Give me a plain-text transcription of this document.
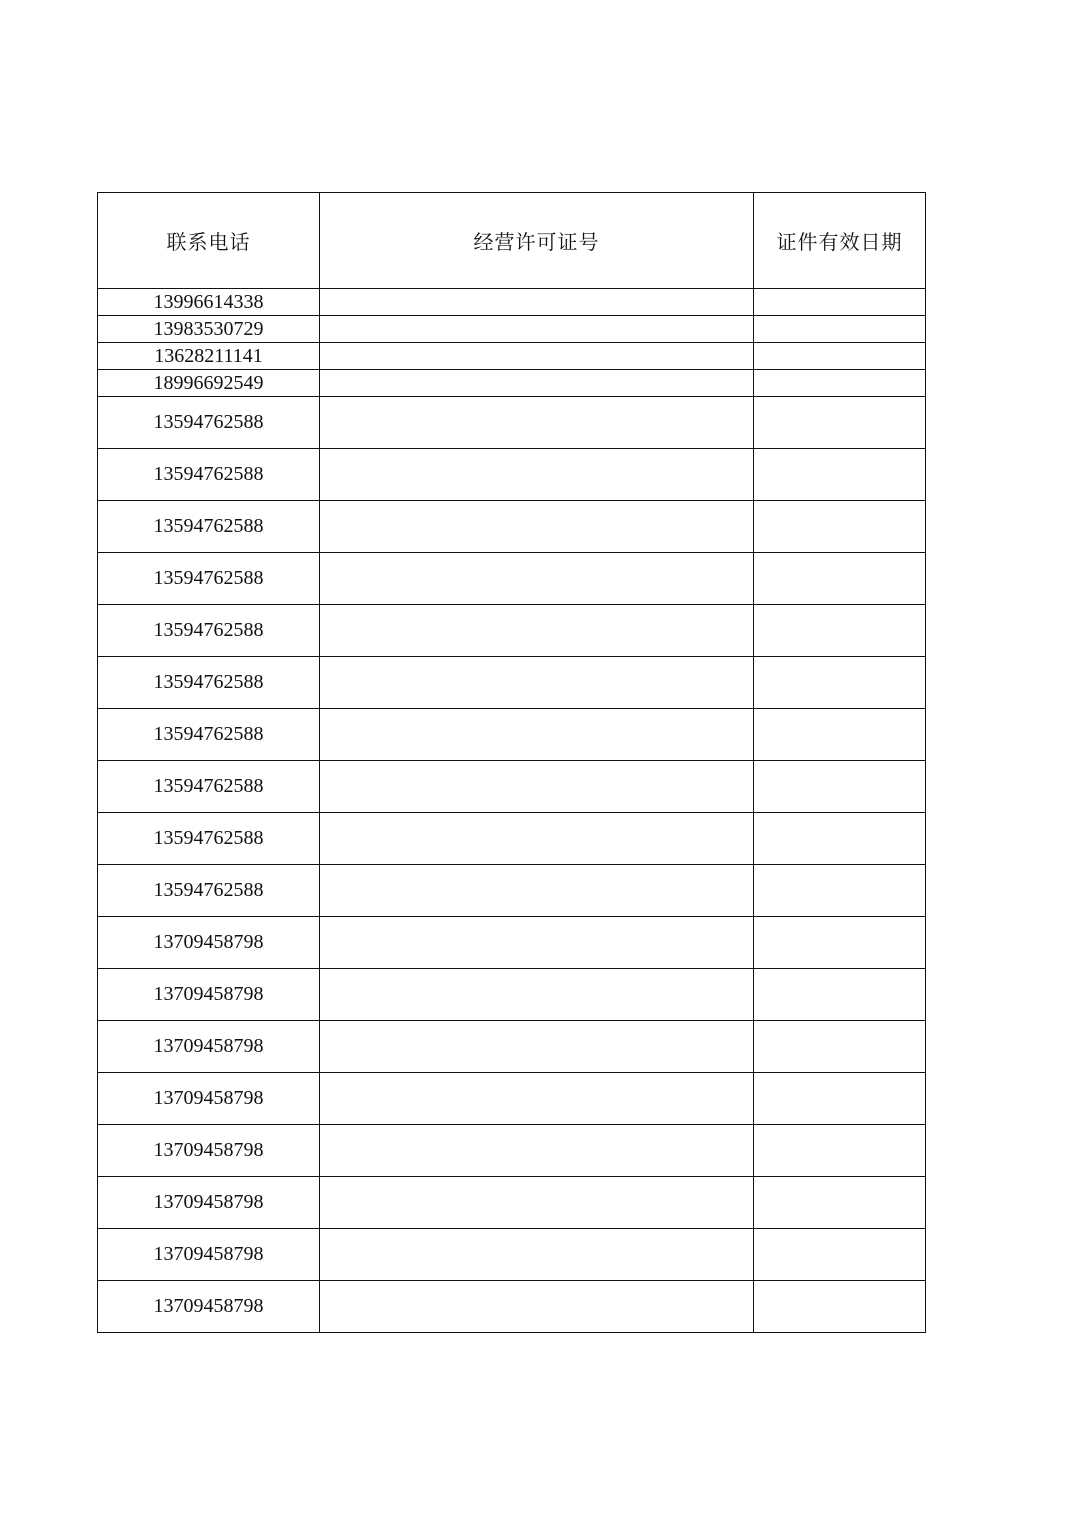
联系电话	经营许可证号	证件有效日期
13996614338		
13983530729		
13628211141		
18996692549		
13594762588		
13594762588		
13594762588		
13594762588		
13594762588		
13594762588		
13594762588		
13594762588		
13594762588		
13594762588		
13709458798		
13709458798		
13709458798		
13709458798		
13709458798		
13709458798		
13709458798		
13709458798		
